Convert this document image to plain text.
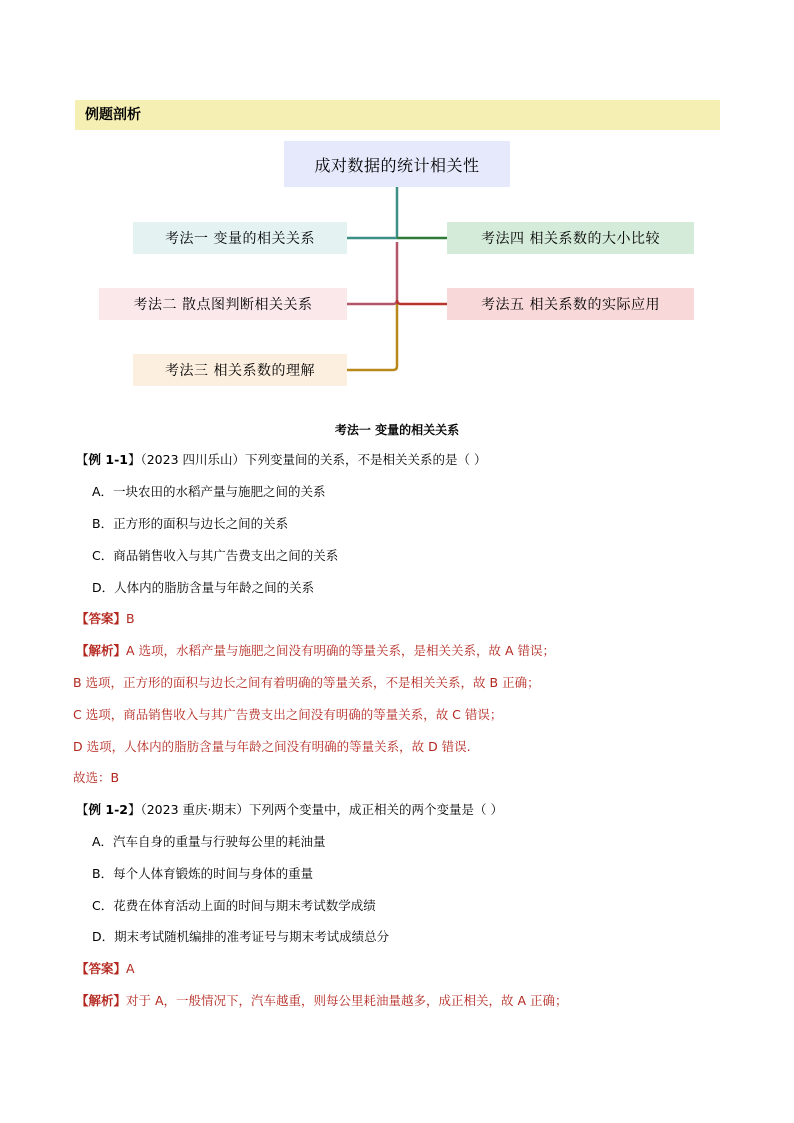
例题剖析
成对数据的统计相关性
考法一 变量的相关关系
考法二 散点图判断相关关系
考法三 相关系数的理解
考法四 相关系数的大小比较
考法五 相关系数的实际应用
考法一 变量的相关关系
【例 1-1】（2023 四川乐山）下列变量间的关系，不是相关关系的是（ ）
A．一块农田的水稻产量与施肥之间的关系
B．正方形的面积与边长之间的关系
C．商品销售收入与其广告费支出之间的关系
D．人体内的脂肪含量与年龄之间的关系
【答案】B
【解析】A 选项，水稻产量与施肥之间没有明确的等量关系，是相关关系，故 A 错误；
B 选项，正方形的面积与边长之间有着明确的等量关系，不是相关关系，故 B 正确；
C 选项，商品销售收入与其广告费支出之间没有明确的等量关系，故 C 错误；
D 选项，人体内的脂肪含量与年龄之间没有明确的等量关系，故 D 错误.
故选：B
【例 1-2】（2023 重庆·期末）下列两个变量中，成正相关的两个变量是（ ）
A．汽车自身的重量与行驶每公里的耗油量
B．每个人体育锻炼的时间与身体的重量
C．花费在体育活动上面的时间与期末考试数学成绩
D．期末考试随机编排的准考证号与期末考试成绩总分
【答案】A
【解析】对于 A，一般情况下，汽车越重，则每公里耗油量越多，成正相关，故 A 正确；
